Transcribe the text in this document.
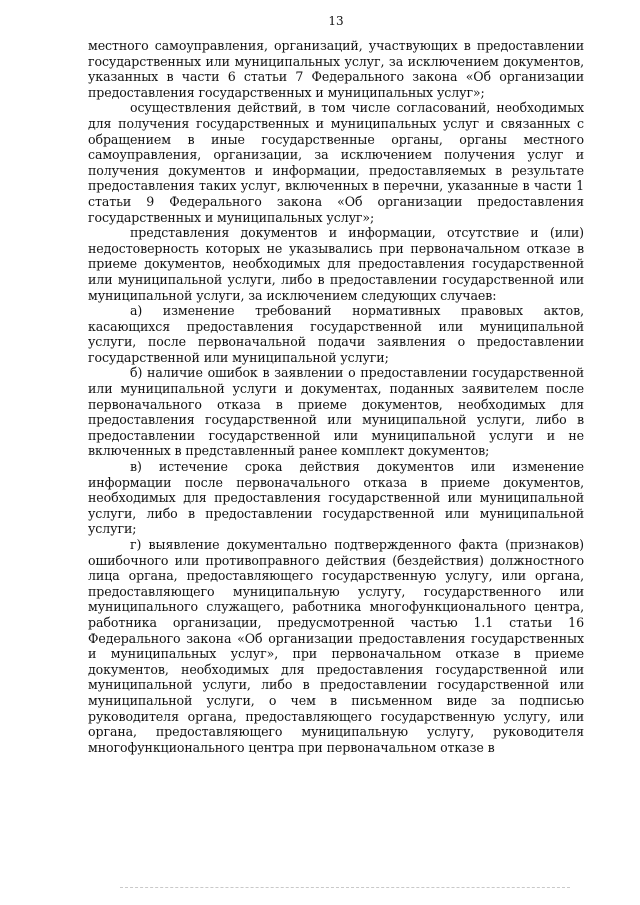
13

местного самоуправления, организаций, участвующих в предоставлении государственных или муниципальных услуг, за исключением документов, указанных в части 6 статьи 7 Федерального закона «Об организации предоставления государственных и муниципальных услуг»;

осуществления действий, в том числе согласований, необходимых для получения государственных и муниципальных услуг и связанных с обращением в иные государственные органы, органы местного самоуправления, организации, за исключением получения услуг и получения документов и информации, предоставляемых в результате предоставления таких услуг, включенных в перечни, указанные в части 1 статьи 9 Федерального закона «Об организации предоставления государственных и муниципальных услуг»;

представления документов и информации, отсутствие и (или) недостоверность которых не указывались при первоначальном отказе в приеме документов, необходимых для предоставления государственной или муниципальной услуги, либо в предоставлении государственной или муниципальной услуги, за исключением следующих случаев:

а) изменение требований нормативных правовых актов, касающихся предоставления государственной или муниципальной услуги, после первоначальной подачи заявления о предоставлении государственной или муниципальной услуги;

б) наличие ошибок в заявлении о предоставлении государственной или муниципальной услуги и документах, поданных заявителем после первоначального отказа в приеме документов, необходимых для предоставления государственной или муниципальной услуги, либо в предоставлении государственной или муниципальной услуги и не включенных в представленный ранее комплект документов;

в) истечение срока действия документов или изменение информации после первоначального отказа в приеме документов, необходимых для предоставления государственной или муниципальной услуги, либо в предоставлении государственной или муниципальной услуги;

г) выявление документально подтвержденного факта (признаков) ошибочного или противоправного действия (бездействия) должностного лица органа, предоставляющего государственную услугу, или органа, предоставляющего муниципальную услугу, государственного или муниципального служащего, работника многофункционального центра, работника организации, предусмотренной частью 1.1 статьи 16 Федерального закона «Об организации предоставления государственных и муниципальных услуг», при первоначальном отказе в приеме документов, необходимых для предоставления государственной или муниципальной услуги, либо в предоставлении государственной или муниципальной услуги, о чем в письменном виде за подписью руководителя органа, предоставляющего государственную услугу, или органа, предоставляющего муниципальную услугу, руководителя многофункционального центра при первоначальном отказе в
